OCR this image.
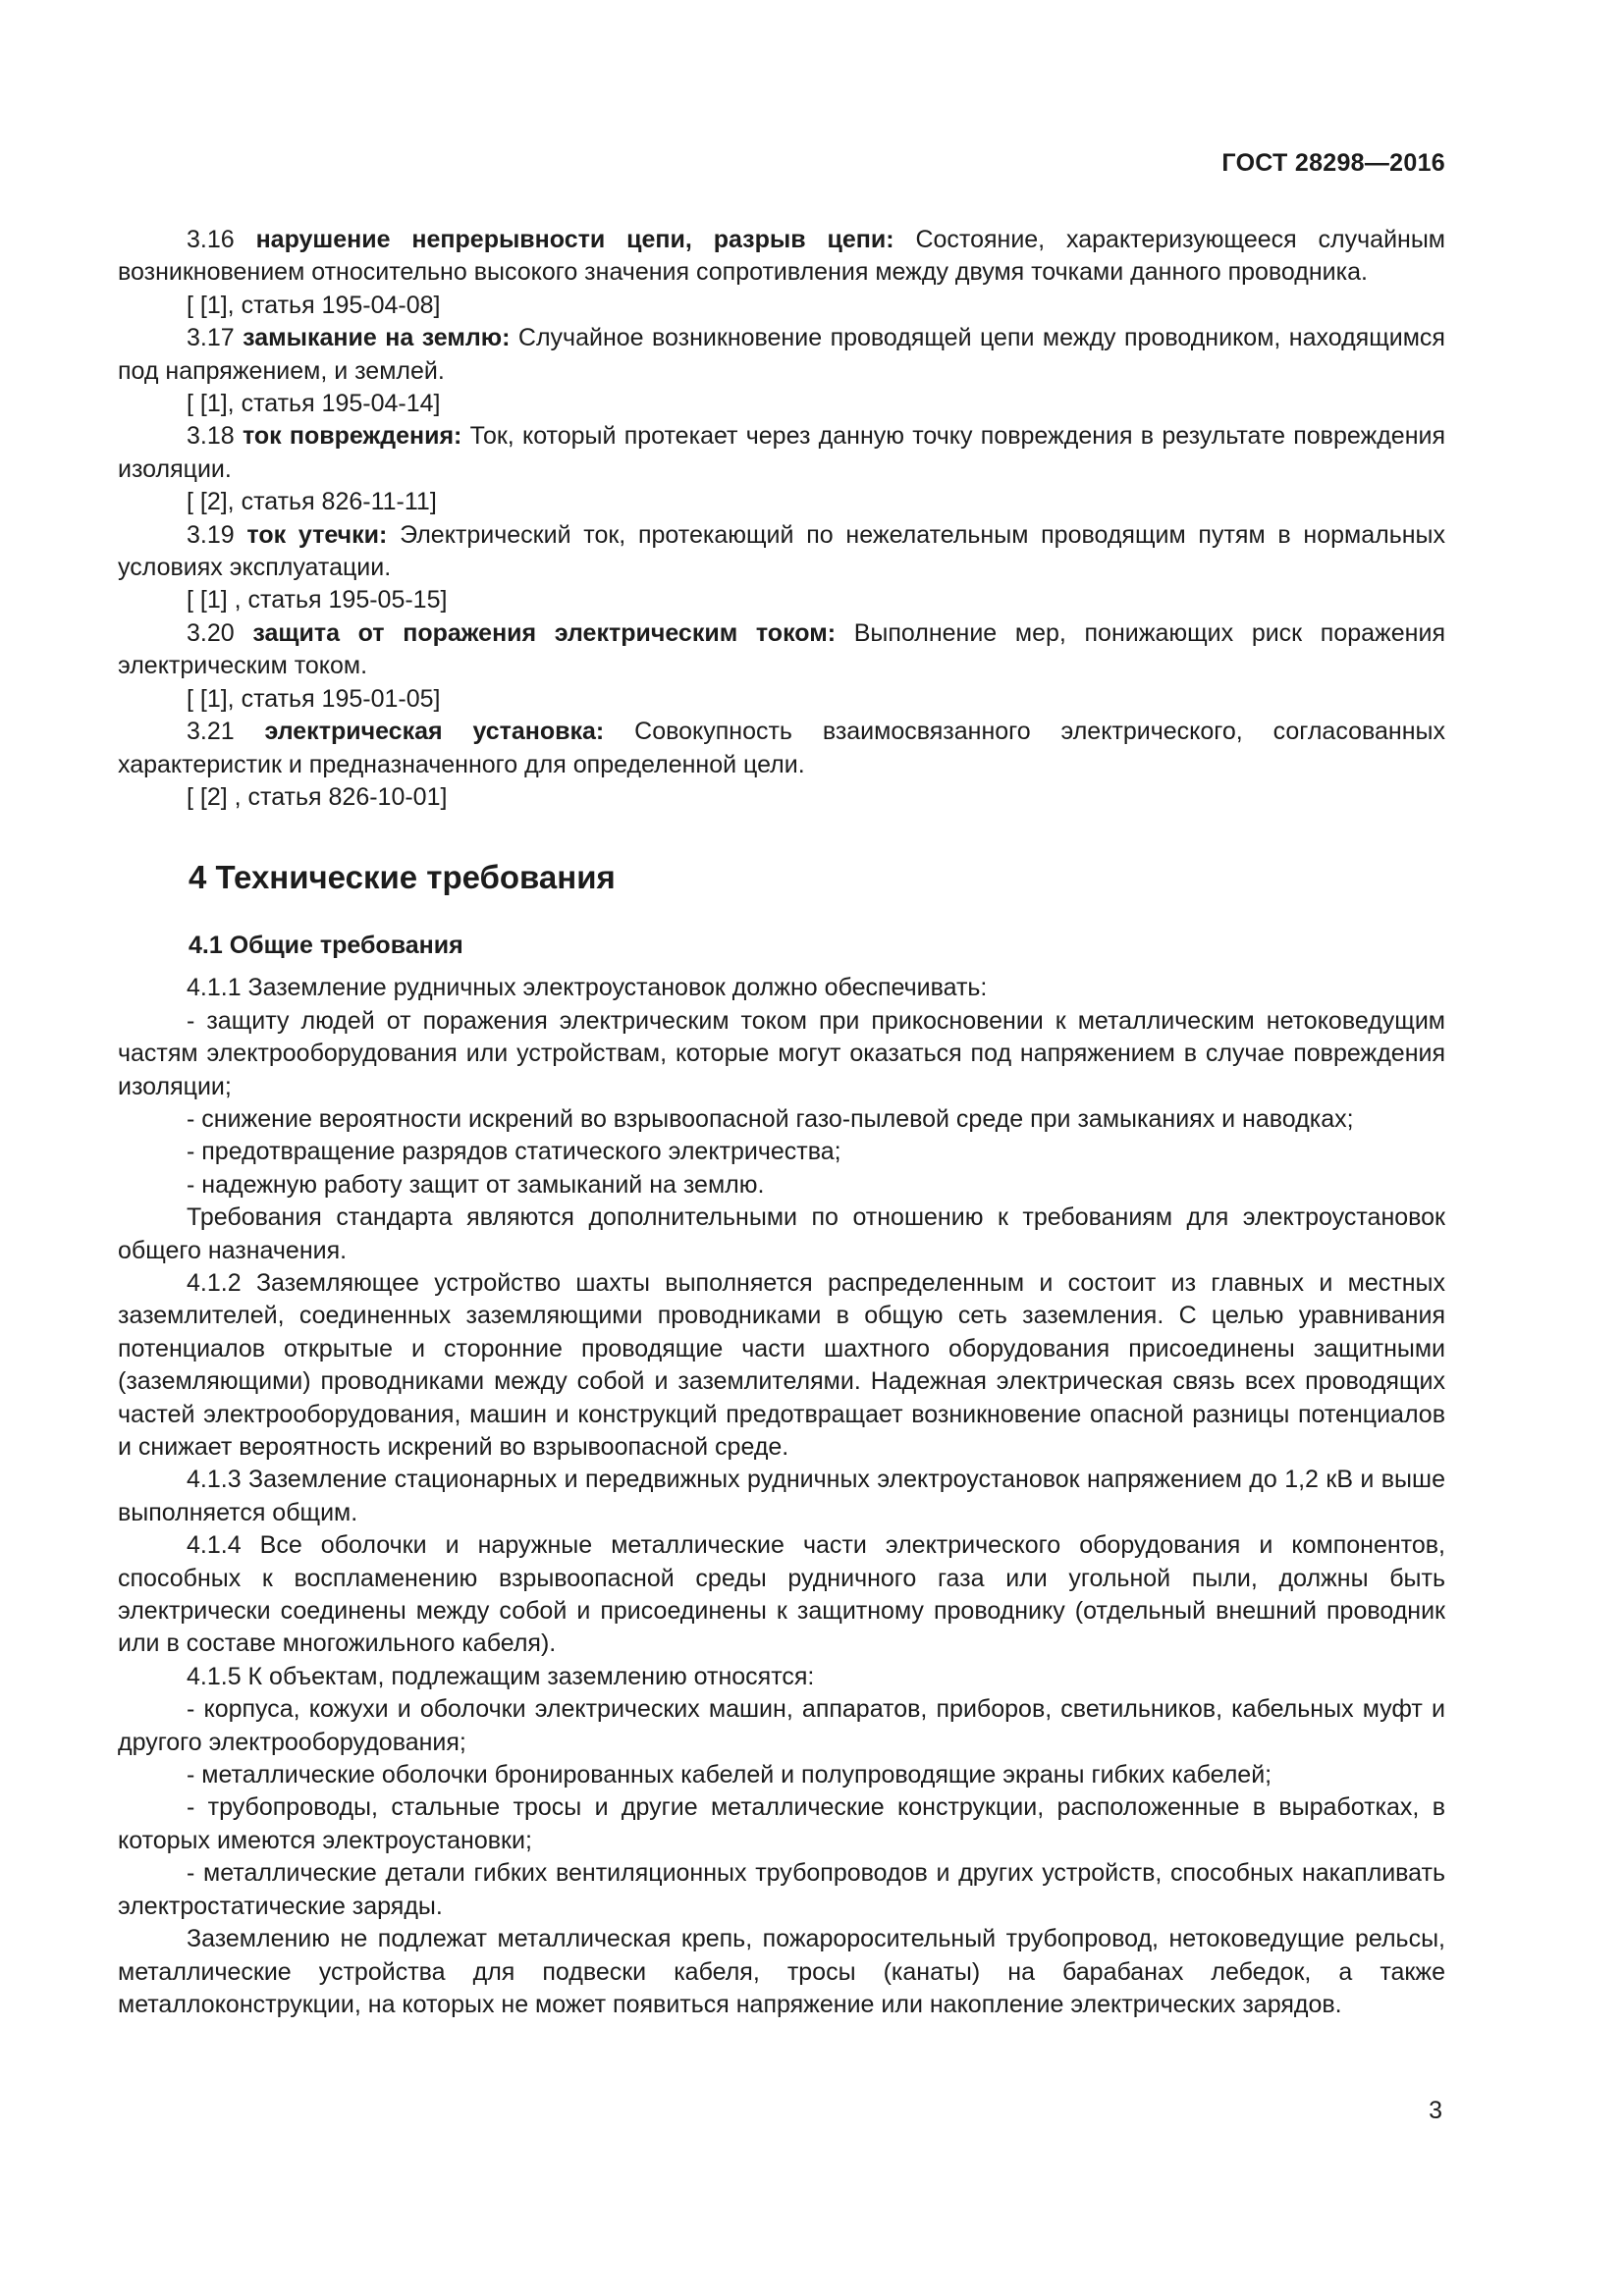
ГОСТ 28298—2016

3.16 нарушение непрерывности цепи, разрыв цепи: Состояние, характеризующееся случайным возникновением относительно высокого значения сопротивления между двумя точками данного проводника.

[ [1], статья 195-04-08]

3.17 замыкание на землю: Случайное возникновение проводящей цепи между проводником, находящимся под напряжением, и землей.

[ [1], статья 195-04-14]

3.18 ток повреждения: Ток, который протекает через данную точку повреждения в результате повреждения изоляции.

[ [2], статья 826-11-11]

3.19 ток утечки: Электрический ток, протекающий по нежелательным проводящим путям в нормальных условиях эксплуатации.

[ [1] , статья 195-05-15]

3.20 защита от поражения электрическим током: Выполнение мер, понижающих риск поражения электрическим током.

[ [1], статья 195-01-05]

3.21 электрическая установка: Совокупность взаимосвязанного электрического, согласованных характеристик и предназначенного для определенной цели.

[ [2] , статья 826-10-01]

4 Технические требования
4.1 Общие требования

4.1.1 Заземление рудничных электроустановок должно обеспечивать:

- защиту людей от поражения электрическим током при прикосновении к металлическим нетоковедущим частям электрооборудования или устройствам, которые могут оказаться под напряжением в случае повреждения изоляции;

- снижение вероятности искрений во взрывоопасной газо-пылевой среде при замыканиях и наводках;

- предотвращение разрядов статического электричества;

- надежную работу защит от замыканий на землю.

Требования стандарта являются дополнительными по отношению к требованиям для электроустановок общего назначения.

4.1.2 Заземляющее устройство шахты выполняется распределенным и состоит из главных и местных заземлителей, соединенных заземляющими проводниками в общую сеть заземления. С целью уравнивания потенциалов открытые и сторонние проводящие части шахтного оборудования присоединены защитными (заземляющими) проводниками между собой и заземлителями. Надежная электрическая связь всех проводящих частей электрооборудования, машин и конструкций предотвращает возникновение опасной разницы потенциалов и снижает вероятность искрений во взрывоопасной среде.

4.1.3 Заземление стационарных и передвижных рудничных электроустановок напряжением до 1,2 кВ и выше выполняется общим.

4.1.4 Все оболочки и наружные металлические части электрического оборудования и компонентов, способных к воспламенению взрывоопасной среды рудничного газа или угольной пыли, должны быть электрически соединены между собой и присоединены к защитному проводнику (отдельный внешний проводник или в составе многожильного кабеля).

4.1.5 К объектам, подлежащим заземлению относятся:

- корпуса, кожухи и оболочки электрических машин, аппаратов, приборов, светильников, кабельных муфт и другого электрооборудования;

- металлические оболочки бронированных кабелей и полупроводящие экраны гибких кабелей;

- трубопроводы, стальные тросы и другие металлические конструкции, расположенные в выработках, в которых имеются электроустановки;

- металлические детали гибких вентиляционных трубопроводов и других устройств, способных накапливать электростатические заряды.

Заземлению не подлежат металлическая крепь, пожароросительный трубопровод, нетоковедущие рельсы, металлические устройства для подвески кабеля, тросы (канаты) на барабанах лебедок, а также металлоконструкции, на которых не может появиться напряжение или накопление электрических зарядов.

3
